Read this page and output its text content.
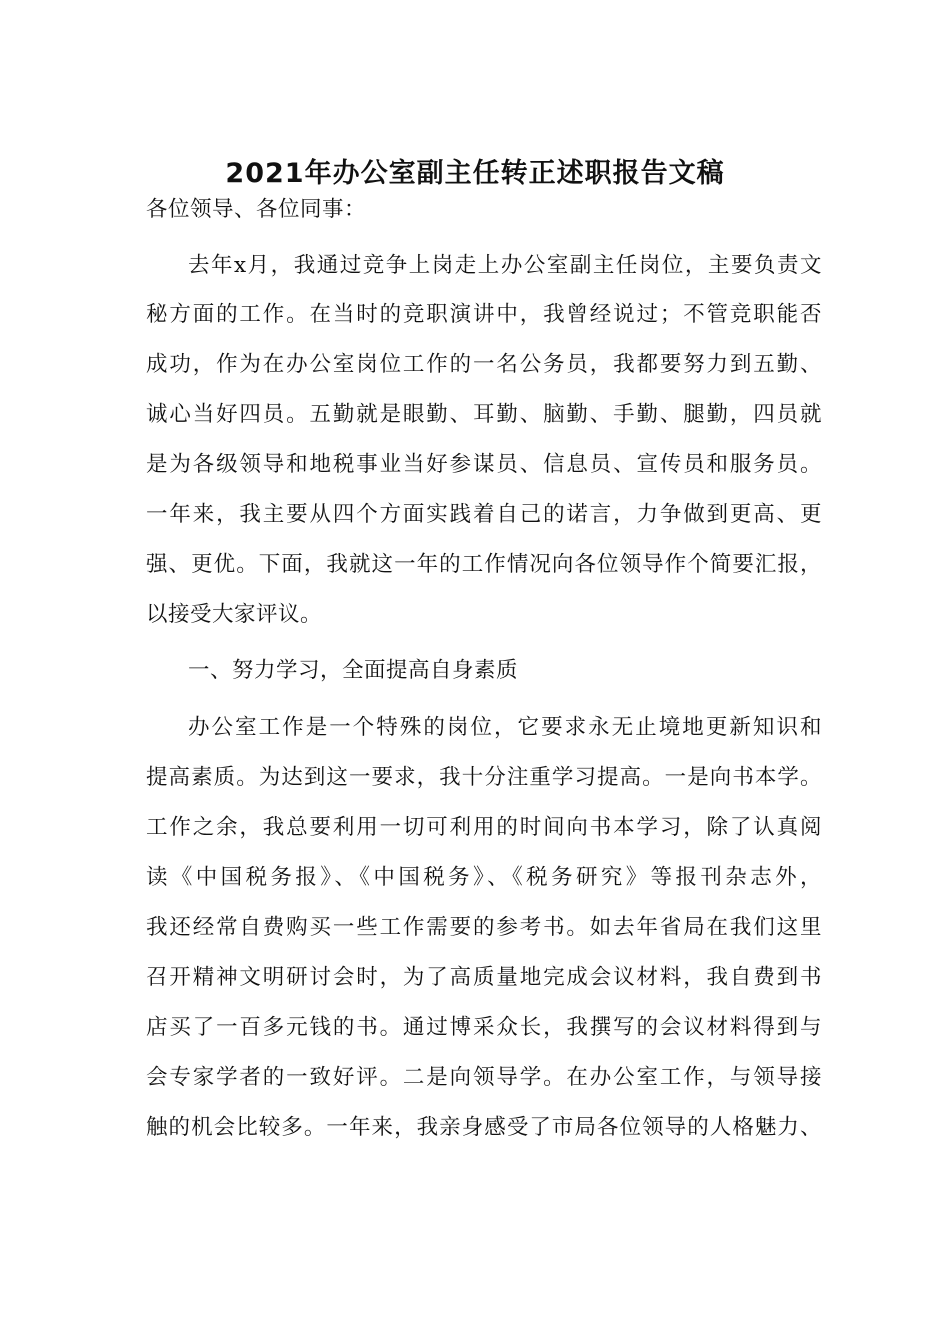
2021年办公室副主任转正述职报告文稿
各位领导、各位同事：
去年x月，我通过竞争上岗走上办公室副主任岗位，主要负责文
秘方面的工作。在当时的竞职演讲中，我曾经说过；不管竞职能否
成功，作为在办公室岗位工作的一名公务员，我都要努力到五勤、
诚心当好四员。五勤就是眼勤、耳勤、脑勤、手勤、腿勤，四员就
是为各级领导和地税事业当好参谋员、信息员、宣传员和服务员。
一年来，我主要从四个方面实践着自己的诺言，力争做到更高、更
强、更优。下面，我就这一年的工作情况向各位领导作个简要汇报，
以接受大家评议。
一、努力学习，全面提高自身素质
办公室工作是一个特殊的岗位，它要求永无止境地更新知识和
提高素质。为达到这一要求，我十分注重学习提高。一是向书本学。
工作之余，我总要利用一切可利用的时间向书本学习，除了认真阅
读《中国税务报》、《中国税务》、《税务研究》等报刊杂志外，
我还经常自费购买一些工作需要的参考书。如去年省局在我们这里
召开精神文明研讨会时，为了高质量地完成会议材料，我自费到书
店买了一百多元钱的书。通过博采众长，我撰写的会议材料得到与
会专家学者的一致好评。二是向领导学。在办公室工作，与领导接
触的机会比较多。一年来，我亲身感受了市局各位领导的人格魅力、
